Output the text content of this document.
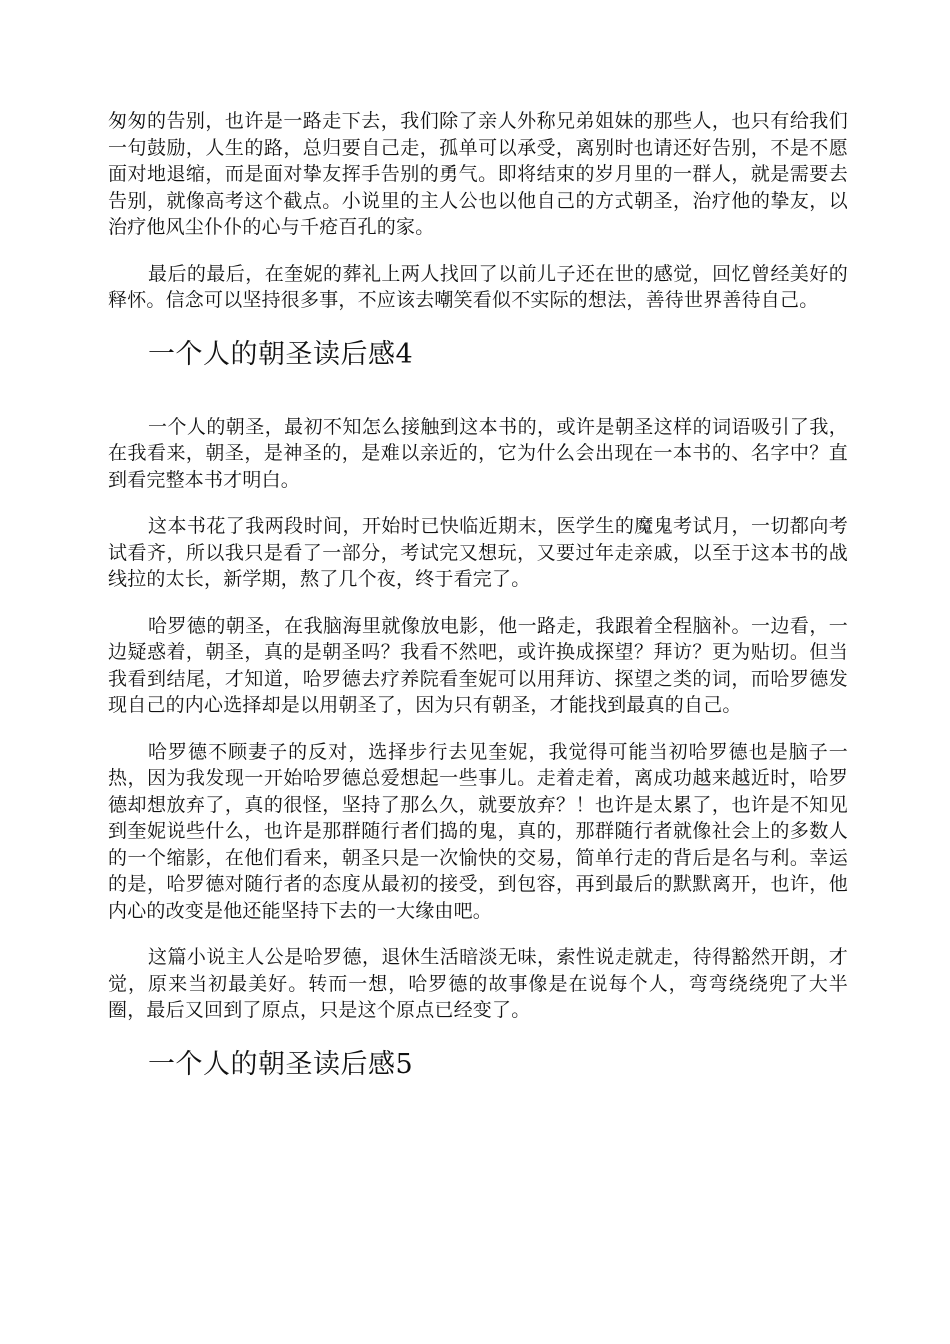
匆匆的告别，也许是一路走下去，我们除了亲人外称兄弟姐妹的那些人，也只有给我们一句鼓励，人生的路，总归要自己走，孤单可以承受，离别时也请还好告别，不是不愿面对地退缩，而是面对挚友挥手告别的勇气。即将结束的岁月里的一群人，就是需要去告别，就像高考这个截点。小说里的主人公也以他自己的方式朝圣，治疗他的挚友，以治疗他风尘仆仆的心与千疮百孔的家。

最后的最后，在奎妮的葬礼上两人找回了以前儿子还在世的感觉，回忆曾经美好的释怀。信念可以坚持很多事，不应该去嘲笑看似不实际的想法，善待世界善待自己。

一个人的朝圣读后感4

一个人的朝圣，最初不知怎么接触到这本书的，或许是朝圣这样的词语吸引了我，在我看来，朝圣，是神圣的，是难以亲近的，它为什么会出现在一本书的、名字中？直到看完整本书才明白。

这本书花了我两段时间，开始时已快临近期末，医学生的魔鬼考试月，一切都向考试看齐，所以我只是看了一部分，考试完又想玩，又要过年走亲戚，以至于这本书的战线拉的太长，新学期，熬了几个夜，终于看完了。

哈罗德的朝圣，在我脑海里就像放电影，他一路走，我跟着全程脑补。一边看，一边疑惑着，朝圣，真的是朝圣吗？我看不然吧，或许换成探望？拜访？更为贴切。但当我看到结尾，才知道，哈罗德去疗养院看奎妮可以用拜访、探望之类的词，而哈罗德发现自己的内心选择却是以用朝圣了，因为只有朝圣，才能找到最真的自己。

哈罗德不顾妻子的反对，选择步行去见奎妮，我觉得可能当初哈罗德也是脑子一热，因为我发现一开始哈罗德总爱想起一些事儿。走着走着，离成功越来越近时，哈罗德却想放弃了，真的很怪，坚持了那么久，就要放弃？！也许是太累了，也许是不知见到奎妮说些什么，也许是那群随行者们捣的鬼，真的，那群随行者就像社会上的多数人的一个缩影，在他们看来，朝圣只是一次愉快的交易，简单行走的背后是名与利。幸运的是，哈罗德对随行者的态度从最初的接受，到包容，再到最后的默默离开，也许，他内心的改变是他还能坚持下去的一大缘由吧。

这篇小说主人公是哈罗德，退休生活暗淡无味，索性说走就走，待得豁然开朗，才觉，原来当初最美好。转而一想，哈罗德的故事像是在说每个人，弯弯绕绕兜了大半圈，最后又回到了原点，只是这个原点已经变了。

一个人的朝圣读后感5
